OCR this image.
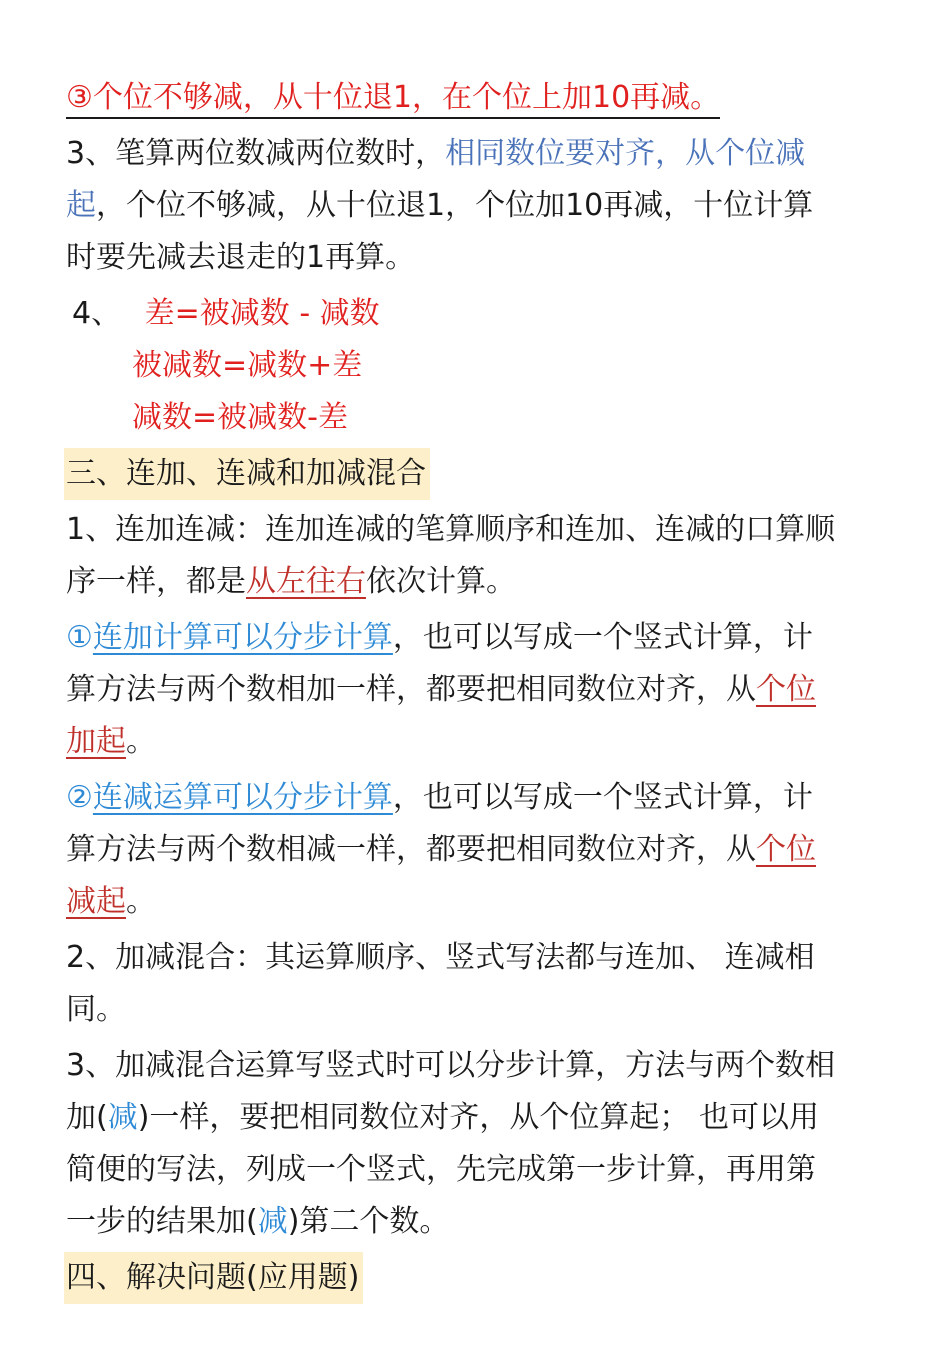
③个位不够减，从十位退1，在个位上加10再减。
3、笔算两位数减两位数时，相同数位要对齐，从个位减
起，个位不够减，从十位退1，个位加10再减，十位计算
时要先减去退走的1再算。
4、 差=被减数 - 减数
被减数=减数+差
减数=被减数-差
三、连加、连减和加减混合
1、连加连减：连加连减的笔算顺序和连加、连减的口算顺
序一样，都是从左往右依次计算。
①连加计算可以分步计算，也可以写成一个竖式计算，计
算方法与两个数相加一样，都要把相同数位对齐，从个位
加起。
②连减运算可以分步计算，也可以写成一个竖式计算，计
算方法与两个数相减一样，都要把相同数位对齐，从个位
减起。
2、加减混合：其运算顺序、竖式写法都与连加、 连减相
同。
3、加减混合运算写竖式时可以分步计算，方法与两个数相
加(减)一样，要把相同数位对齐，从个位算起； 也可以用
简便的写法，列成一个竖式，先完成第一步计算，再用第
一步的结果加(减)第二个数。
四、解决问题(应用题)
